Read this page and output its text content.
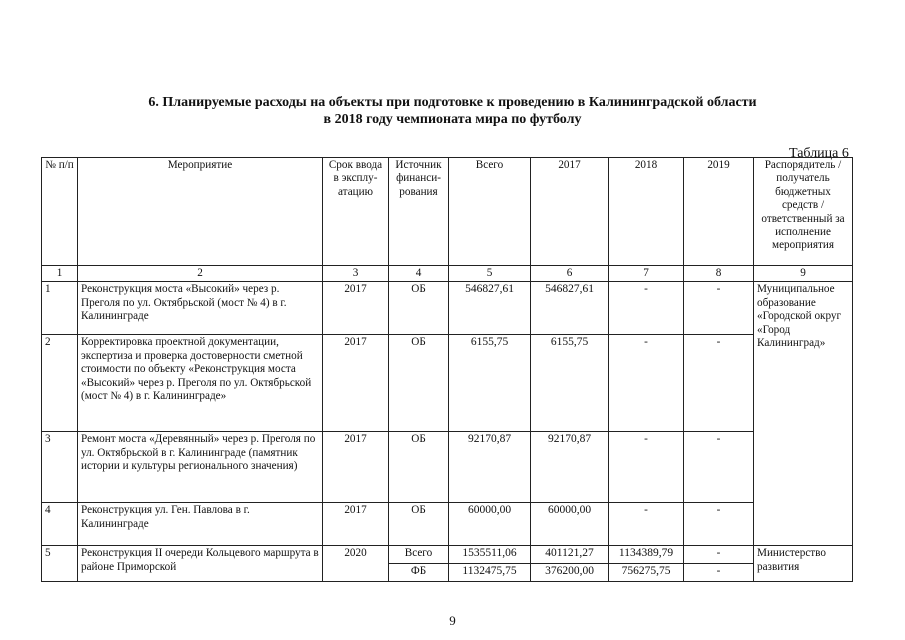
6. Планируемые расходы на объекты при подготовке к проведению в Калининградской области
в 2018 году чемпионата мира по футболу
Таблица 6
№ п/п	Мероприятие	Срок ввода в эксплу-атацию	Источник финанси-рования	Всего	2017	2018	2019	Распорядитель / получатель бюджетных средств / ответственный за исполнение мероприятия
1	2	3	4	5	6	7	8	9
1	Реконструкция моста «Высокий» через р. Преголя по ул. Октябрьской (мост № 4) в г. Калининграде	2017	ОБ	546827,61	546827,61	-	-	Муниципальное образование «Городской округ «Город Калининград»
2	Корректировка проектной документации, экспертиза и проверка достоверности сметной стоимости по объекту «Реконструкция моста «Высокий» через р. Преголя по ул. Октябрьской (мост № 4) в г. Калининграде»	2017	ОБ	6155,75	6155,75	-	-	
3	Ремонт моста «Деревянный» через р. Преголя по ул. Октябрьской в г. Калининграде (памятник истории и культуры регионального значения)	2017	ОБ	92170,87	92170,87	-	-	
4	Реконструкция ул. Ген. Павлова в г. Калининграде	2017	ОБ	60000,00	60000,00	-	-	
5	Реконструкция II очереди Кольцевого маршрута в районе Приморской	2020	Всего	1535511,06	401121,27	1134389,79	-	Министерство развития
			ФБ	1132475,75	376200,00	756275,75	-	
9
